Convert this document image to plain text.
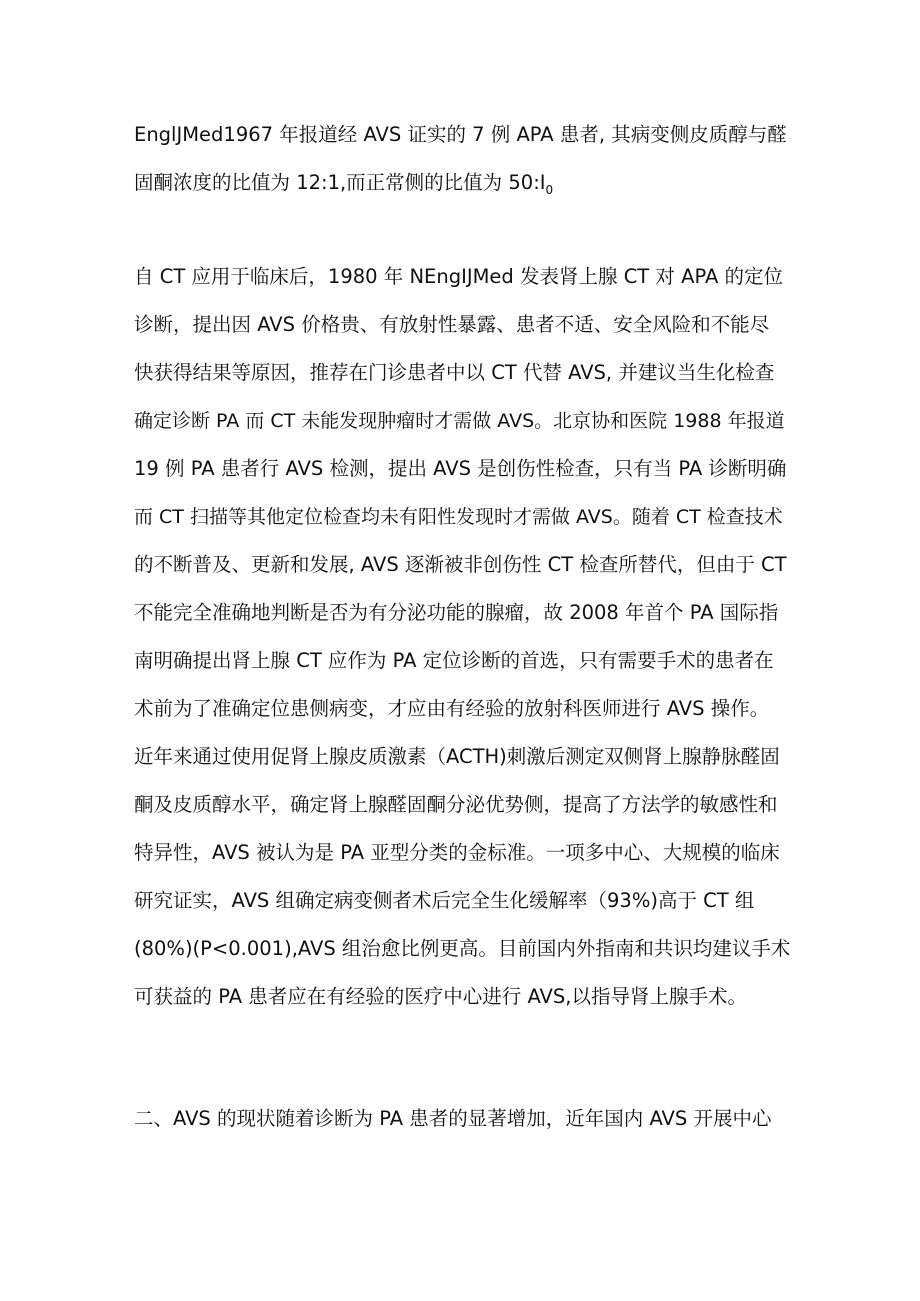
EnglJMed1967 年报道经 AVS 证实的 7 例 APA 患者, 其病变侧皮质醇与醛
固酮浓度的比值为 12:1,而正常侧的比值为 $50:I_0$
自 CT 应用于临床后，1980 年 NEngIJMed 发表肾上腺 CT 对 APA 的定位
诊断，提出因 AVS 价格贵、有放射性暴露、患者不适、安全风险和不能尽
快获得结果等原因，推荐在门诊患者中以 CT 代替 AVS, 并建议当生化检查
确定诊断 PA 而 CT 未能发现肿瘤时才需做 AVS。北京协和医院 1988 年报道
19 例 PA 患者行 AVS 检测，提出 AVS 是创伤性检查，只有当 PA 诊断明确
而 CT 扫描等其他定位检查均未有阳性发现时才需做 AVS。随着 CT 检查技术
的不断普及、更新和发展, AVS 逐渐被非创伤性 CT 检查所替代，但由于 CT
不能完全准确地判断是否为有分泌功能的腺瘤，故 2008 年首个 PA 国际指
南明确提出肾上腺 CT 应作为 PA 定位诊断的首选，只有需要手术的患者在
术前为了准确定位患侧病变，才应由有经验的放射科医师进行 AVS 操作。
近年来通过使用促肾上腺皮质激素（ACTH)刺激后测定双侧肾上腺静脉醛固
酮及皮质醇水平，确定肾上腺醛固酮分泌优势侧，提高了方法学的敏感性和
特异性，AVS 被认为是 PA 亚型分类的金标准。一项多中心、大规模的临床
研究证实，AVS 组确定病变侧者术后完全生化缓解率（93%)高于 CT 组
(80%)(P<0.001),AVS 组治愈比例更高。目前国内外指南和共识均建议手术
可获益的 PA 患者应在有经验的医疗中心进行 AVS,以指导肾上腺手术。
二、AVS 的现状随着诊断为 PA 患者的显著增加，近年国内 AVS 开展中心
